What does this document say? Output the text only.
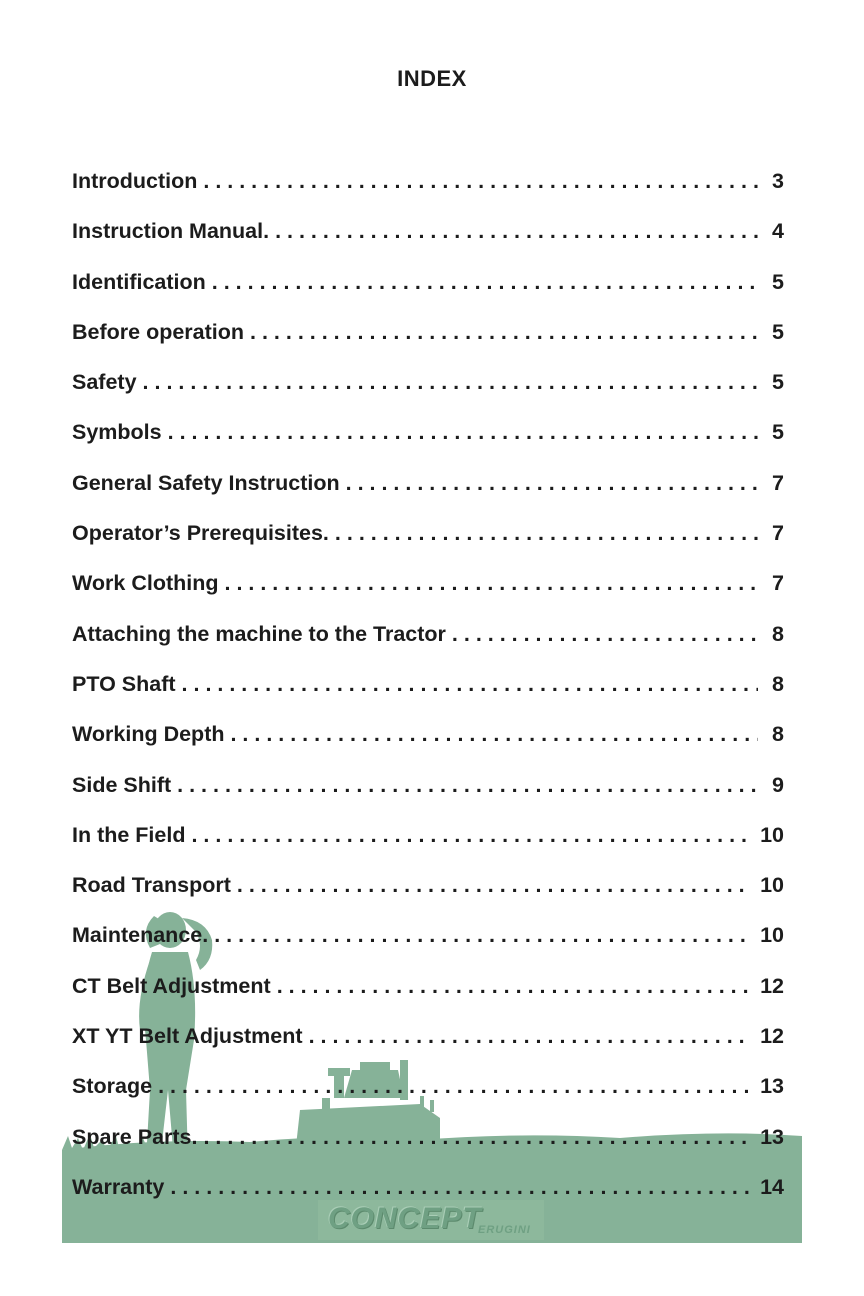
INDEX
Introduction . . .	3
Instruction Manual. . . .	4
Identification . . .	5
Before operation . . .	5
Safety . . .	5
Symbols . . .	5
General Safety Instruction . . .	7
Operator’s Prerequisites. . . .	7
Work Clothing . . .	7
Attaching the machine to the Tractor . . .	8
PTO Shaft . . .	8
Working Depth . . .	8
Side Shift . . .	9
In the Field . . .	10
Road Transport . . .	10
Maintenance. . . .	10
CT Belt Adjustment . . .	12
XT YT Belt Adjustment . . .	12
Storage . . .	13
Spare Parts. . . .	13
Warranty . . .	14
CONCEPT
ERUGINI
